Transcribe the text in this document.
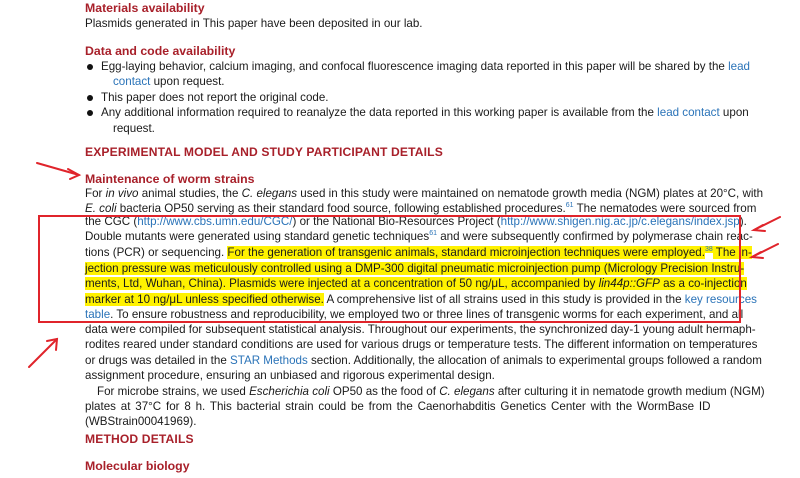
Materials availability

Plasmids generated in This paper have been deposited in our lab.

Data and code availability

Egg-laying behavior, calcium imaging, and confocal fluorescence imaging data reported in this paper will be shared by the lead

contact upon request.

This paper does not report the original code.

Any additional information required to reanalyze the data reported in this working paper is available from the lead contact upon

request.

EXPERIMENTAL MODEL AND STUDY PARTICIPANT DETAILS
Maintenance of worm strains

For in vivo animal studies, the C. elegans used in this study were maintained on nematode growth media (NGM) plates at 20°C, with

E. coli bacteria OP50 serving as their standard food source, following established procedures.$^{61}$ The nematodes were sourced from

the CGC (http://www.cbs.umn.edu/CGC/) or the National Bio-Resources Project (http://www.shigen.nig.ac.jp/c.elegans/index.jsp).

Double mutants were generated using standard genetic techniques$^{61}$ and were subsequently confirmed by polymerase chain reac-

tions (PCR) or sequencing. For the generation of transgenic animals, standard microinjection techniques were employed.$^{38}$ The in-

jection pressure was meticulously controlled using a DMP-300 digital pneumatic microinjection pump (Micrology Precision Instru-

ments, Ltd, Wuhan, China). Plasmids were injected at a concentration of 50 ng/μL, accompanied by lin44p::GFP as a co-injection

marker at 10 ng/μL unless specified otherwise. A comprehensive list of all strains used in this study is provided in the key resources

table. To ensure robustness and reproducibility, we employed two or three lines of transgenic worms for each experiment, and all

data were compiled for subsequent statistical analysis. Throughout our experiments, the synchronized day-1 young adult hermaph-

rodites reared under standard conditions are used for various drugs or temperature tests. The different information on temperatures

or drugs was detailed in the STAR Methods section. Additionally, the allocation of animals to experimental groups followed a random

assignment procedure, ensuring an unbiased and rigorous experimental design.

For microbe strains, we used Escherichia coli OP50 as the food of C. elegans after culturing it in nematode growth medium (NGM)

plates at 37°C for 8 h. This bacterial strain could be from the Caenorhabditis Genetics Center with the WormBase ID

(WBStrain00041969).

METHOD DETAILS
Molecular biology
